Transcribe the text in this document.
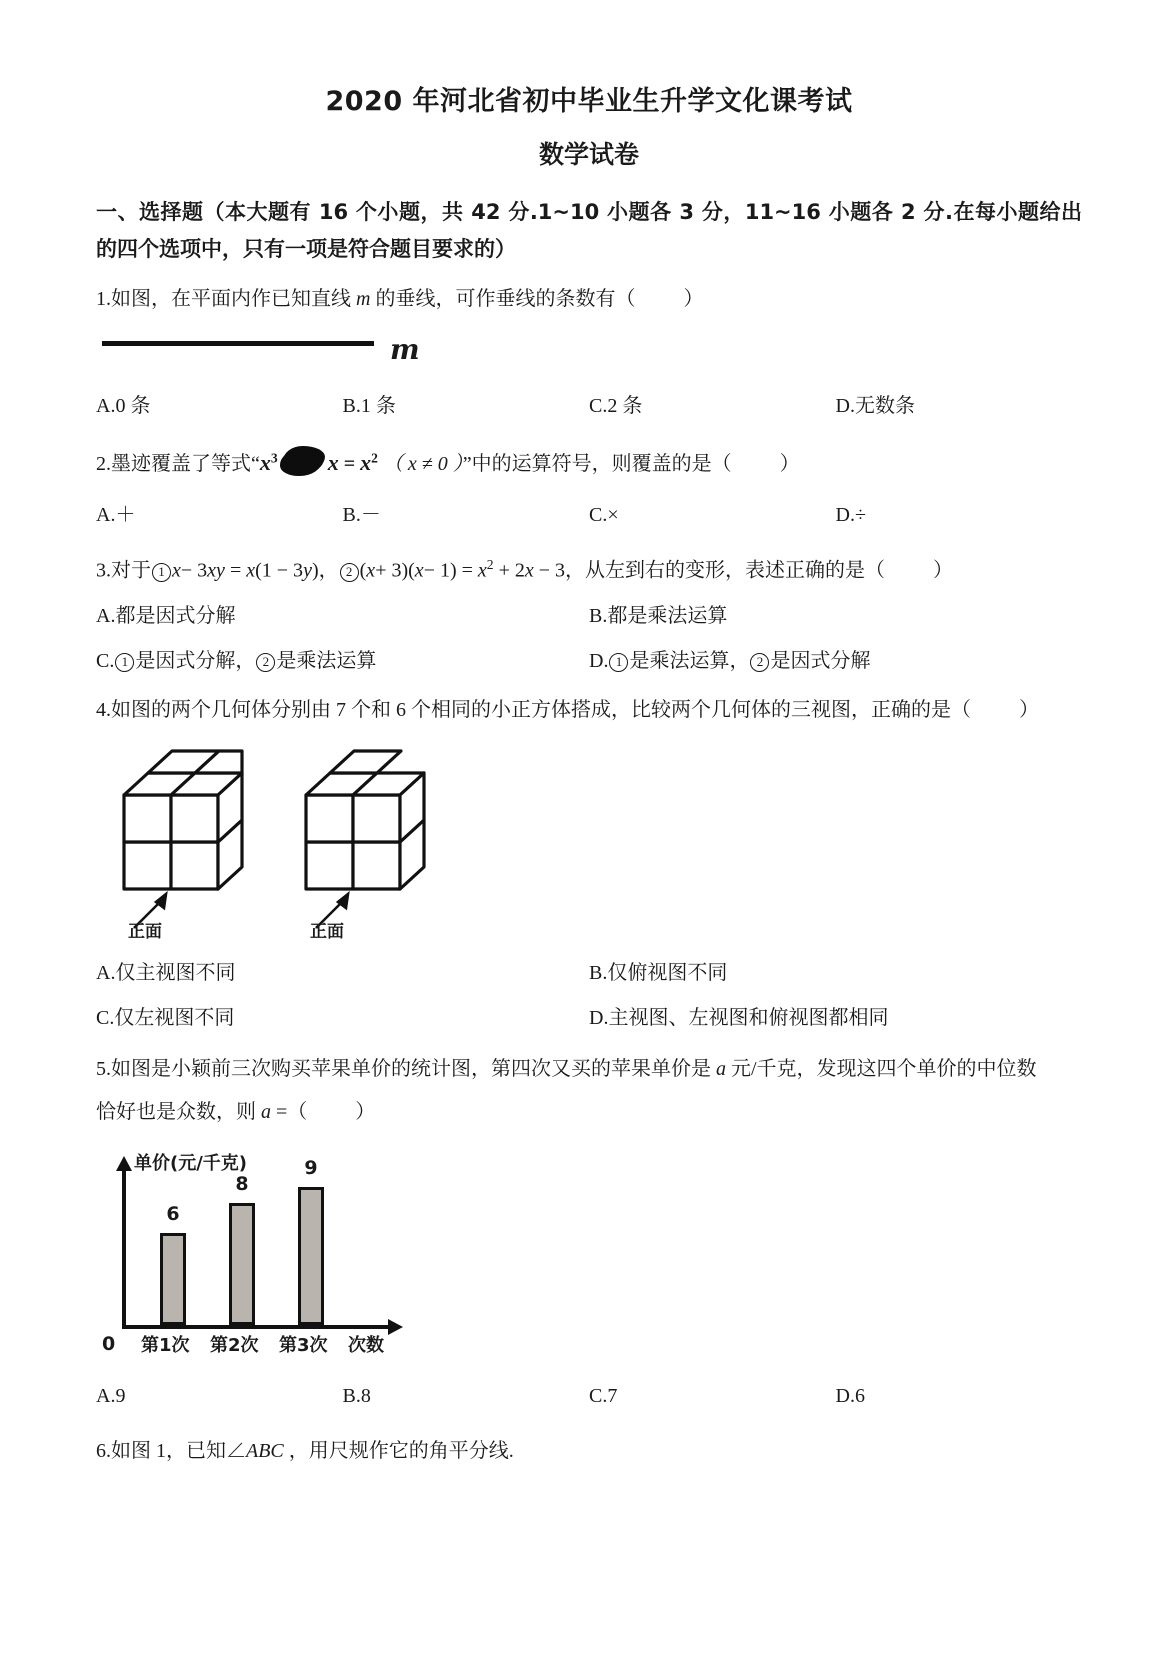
2020 年河北省初中毕业生升学文化课考试
数学试卷
一、选择题（本大题有 16 个小题，共 42 分.1~10 小题各 3 分，11~16 小题各 2 分.在每小题给出的四个选项中，只有一项是符合题目要求的）
1.如图，在平面内作已知直线 m 的垂线，可作垂线的条数有（ ）
m
A.0 条	B.1 条	C.2 条	D.无数条
2.墨迹覆盖了等式“$x^3$ $x = x^2$ （ x ≠ 0 ）”中的运算符号，则覆盖的是（ ）
A.＋	B.－	C.×	D.÷
3.对于 1 x− 3xy = x(1 − 3y)， 2 $(x+ 3)(x- 1) = x^2 + 2x - 3$，从左到右的变形，表述正确的是（ ）
A.都是因式分解	B.都是乘法运算
C. 1 是因式分解， 2 是乘法运算	D. 1 是乘法运算， 2 是因式分解
4.如图的两个几何体分别由 7 个和 6 个相同的小正方体搭成，比较两个几何体的三视图，正确的是（ ）
正面	正面
A.仅主视图不同	B.仅俯视图不同
C.仅左视图不同	D.主视图、左视图和俯视图都相同
5.如图是小颖前三次购买苹果单价的统计图，第四次又买的苹果单价是 a 元/千克，发现这四个单价的中位数
恰好也是众数，则 a =（ ）
单价(元/千克)
6
第1次
8
第2次
9
第3次
0	次数
A.9	B.8	C.7	D.6
6.如图 1，已知∠ABC ，用尺规作它的角平分线.
